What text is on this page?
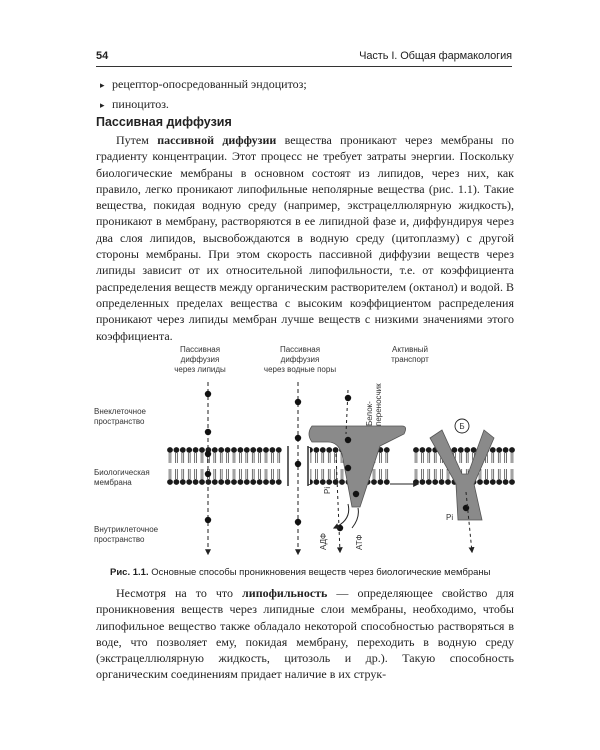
54	Часть I. Общая фармакология
▸ рецептор-опосредованный эндоцитоз;
▸ пиноцитоз.
Пассивная диффузия

Путем пассивной диффузии вещества проникают через мембраны по градиенту концентрации. Этот процесс не требует затраты энергии. Поскольку биологические мембраны в основном состоят из липидов, через них, как правило, легко проникают липофильные неполярные вещества (рис. 1.1). Такие вещества, покидая водную среду (например, экстрацеллюлярную жидкость), проникают в мембрану, растворяются в ее липидной фазе и, диффундируя через два слоя липидов, высвобождаются в водную среду (цитоплазму) с другой стороны мембраны. При этом скорость пассивной диффузии веществ через липиды зависит от их относительной липофильности, т.е. от коэффициента распределения веществ между органическим растворителем (октанол) и водой. В определенных пределах вещества с высоким коэффициентом распределения проникают через липиды мембран лучше веществ с низкими значениями этого коэффициента.

Пассивная
диффузия
через липиды
Пассивная
диффузия
через водные поры
Активный
транспорт
Внеклеточное
пространство
Биологическая
мембрана
Внутриклеточное
пространство
Белок- переносчик
Pi
АДФ	АТФ
Б
Pi
Рис. 1.1. Основные способы проникновения веществ через биологические мембраны

Несмотря на то что липофильность — определяющее свойство для проникновения веществ через липидные слои мембраны, необходимо, чтобы липофильное вещество также обладало некоторой способностью растворяться в воде, что позволяет ему, покидая мембрану, переходить в водную среду (экстрацеллюлярную жидкость, цитозоль и др.). Такую способность органическим соединениям придает наличие в их струк-
